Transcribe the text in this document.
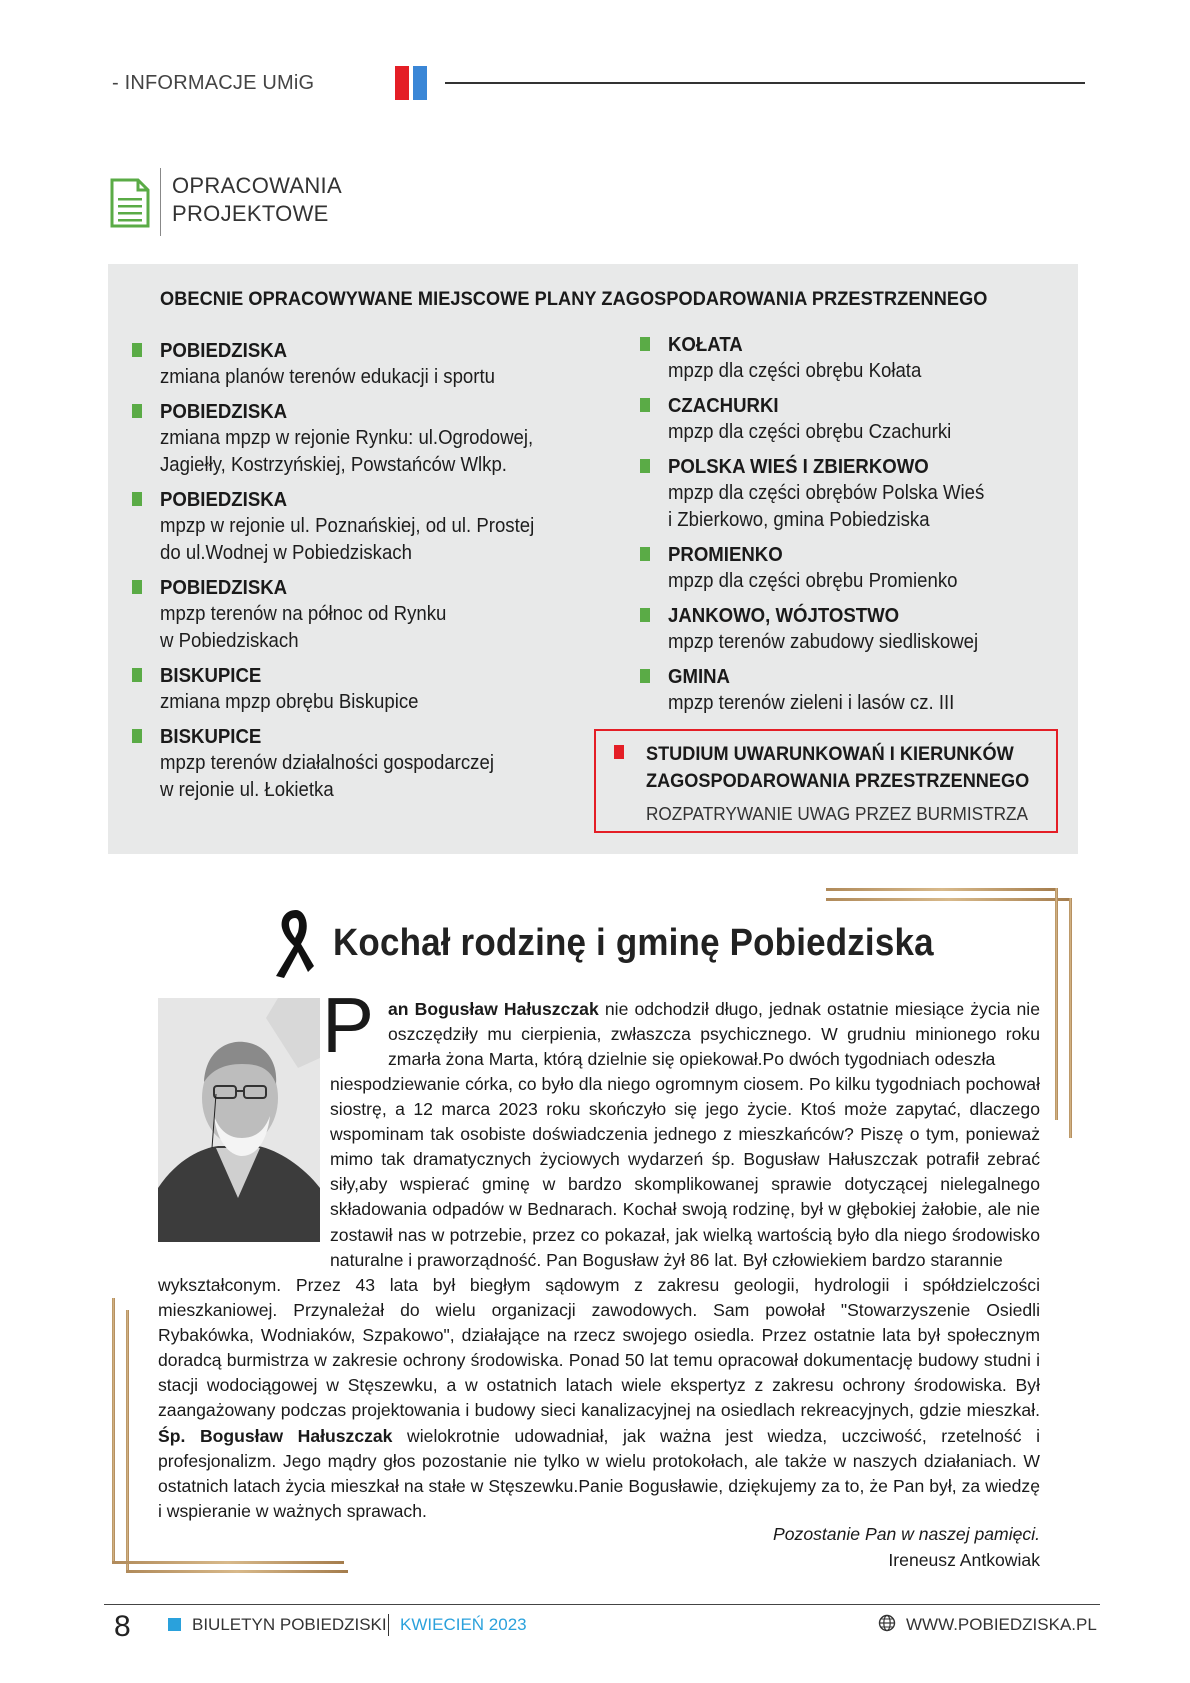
- INFORMACJE UMiG
OPRACOWANIA
PROJEKTOWE
OBECNIE OPRACOWYWANE MIEJSCOWE PLANY ZAGOSPODAROWANIA PRZESTRZENNEGO
POBIEDZISKA
zmiana planów terenów edukacji i sportu
POBIEDZISKA
zmiana mpzp w rejonie Rynku: ul.Ogrodowej,
Jagiełły, Kostrzyńskiej, Powstańców Wlkp.
POBIEDZISKA
mpzp w rejonie ul. Poznańskiej, od ul. Prostej
do ul.Wodnej w Pobiedziskach
POBIEDZISKA
mpzp terenów na północ od Rynku
w Pobiedziskach
BISKUPICE
zmiana mpzp obrębu Biskupice
BISKUPICE
mpzp terenów działalności gospodarczej
w rejonie ul. Łokietka
KOŁATA
mpzp dla części obrębu Kołata
CZACHURKI
mpzp dla części obrębu Czachurki
POLSKA WIEŚ I ZBIERKOWO
mpzp dla części obrębów Polska Wieś
i Zbierkowo, gmina Pobiedziska
PROMIENKO
mpzp dla części obrębu Promienko
JANKOWO, WÓJTOSTWO
mpzp terenów zabudowy siedliskowej
GMINA
mpzp terenów zieleni i lasów cz. III
STUDIUM UWARUNKOWAŃ I KIERUNKÓW
ZAGOSPODAROWANIA PRZESTRZENNEGO
ROZPATRYWANIE UWAG PRZEZ BURMISTRZA
Kochał rodzinę i gminę Pobiedziska
P an Bogusław Hałuszczak nie odchodził długo, jednak ostatnie miesiące życia nie oszczędziły mu cierpienia, zwłaszcza psychicznego. W grudniu minionego roku zmarła żona Marta, którą dzielnie się opiekował.Po dwóch tygodniach odeszła
niespodziewanie córka, co było dla niego ogromnym ciosem. Po kilku tygodniach pochował siostrę, a 12 marca 2023 roku skończyło się jego życie. Ktoś może zapytać, dlaczego wspominam tak osobiste doświadczenia jednego z mieszkańców? Piszę o tym, ponieważ mimo tak dramatycznych życiowych wydarzeń śp. Bogusław Hałuszczak potrafił zebrać siły,aby wspierać gminę w bardzo skomplikowanej sprawie dotyczącej nielegalnego składowania odpadów w Bednarach. Kochał swoją rodzinę, był w głębokiej żałobie, ale nie zostawił nas w potrzebie, przez co pokazał, jak wielką wartością było dla niego środowisko naturalne i praworządność. Pan Bogusław żył 86 lat. Był człowiekiem bardzo starannie
wykształconym. Przez 43 lata był biegłym sądowym z zakresu geologii, hydrologii i spółdzielczości mieszkaniowej. Przynależał do wielu organizacji zawodowych. Sam powołał "Stowarzyszenie Osiedli Rybakówka, Wodniaków, Szpakowo", działające na rzecz swojego osiedla. Przez ostatnie lata był społecznym doradcą burmistrza w zakresie ochrony środowiska. Ponad 50 lat temu opracował dokumentację budowy studni i stacji wodociągowej w Stęszewku, a w ostatnich latach wiele ekspertyz z zakresu ochrony środowiska. Był zaangażowany podczas projektowania i budowy sieci kanalizacyjnej na osiedlach rekreacyjnych, gdzie mieszkał. Śp. Bogusław Hałuszczak wielokrotnie udowadniał, jak ważna jest wiedza, uczciwość, rzetelność i profesjonalizm. Jego mądry głos pozostanie nie tylko w wielu protokołach, ale także w naszych działaniach. W ostatnich latach życia mieszkał na stałe w Stęszewku.Panie Bogusławie, dziękujemy za to, że Pan był, za wiedzę i wspieranie w ważnych sprawach.
Pozostanie Pan w naszej pamięci.
Ireneusz Antkowiak
8	BIULETYN POBIEDZISKI KWIECIEŃ 2023	WWW.POBIEDZISKA.PL
